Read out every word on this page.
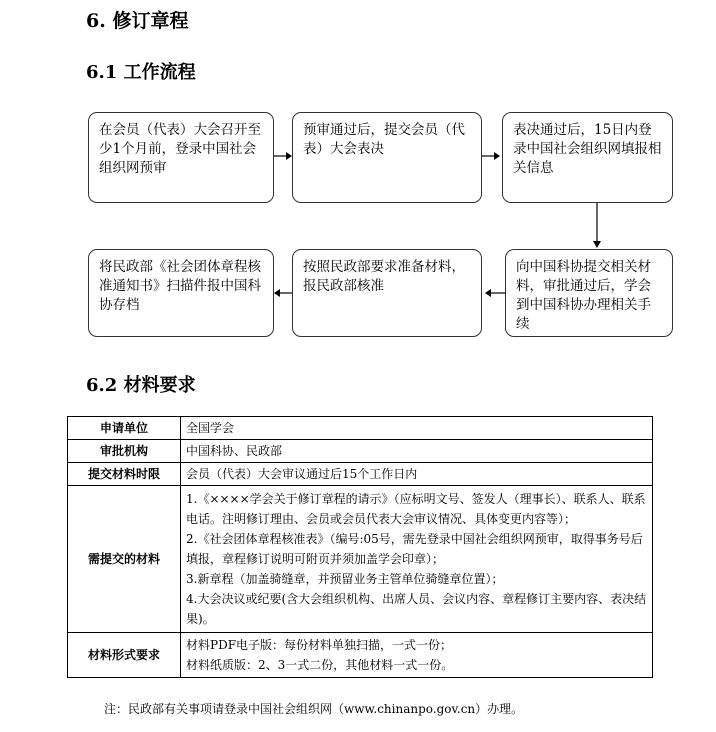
6. 修订章程
6.1 工作流程
在会员（代表）大会召开至少1个月前，登录中国社会组织网预审
预审通过后，提交会员（代表）大会表决
表决通过后，15日内登录中国社会组织网填报相关信息
将民政部《社会团体章程核准通知书》扫描件报中国科协存档
按照民政部要求准备材料，报民政部核准
向中国科协提交相关材料，审批通过后，学会到中国科协办理相关手续
6.2 材料要求
申请单位	全国学会
审批机构	中国科协、民政部
提交材料时限	会员（代表）大会审议通过后15个工作日内
需提交的材料	1.《××××学会关于修订章程的请示》（应标明文号、签发人（理事长）、联系人、联系电话。注明修订理由、会员或会员代表大会审议情况、具体变更内容等）；
2.《社会团体章程核准表》（编号:05号，需先登录中国社会组织网预审，取得事务号后填报，章程修订说明可附页并须加盖学会印章）；
3.新章程（加盖骑缝章，并预留业务主管单位骑缝章位置）；
4.大会决议或纪要(含大会组织机构、出席人员、会议内容、章程修订主要内容、表决结果)。

材料形式要求	材料PDF电子版：每份材料单独扫描，一式一份；
材料纸质版：2、3一式二份，其他材料一式一份。
注：民政部有关事项请登录中国社会组织网（www.chinanpo.gov.cn）办理。
